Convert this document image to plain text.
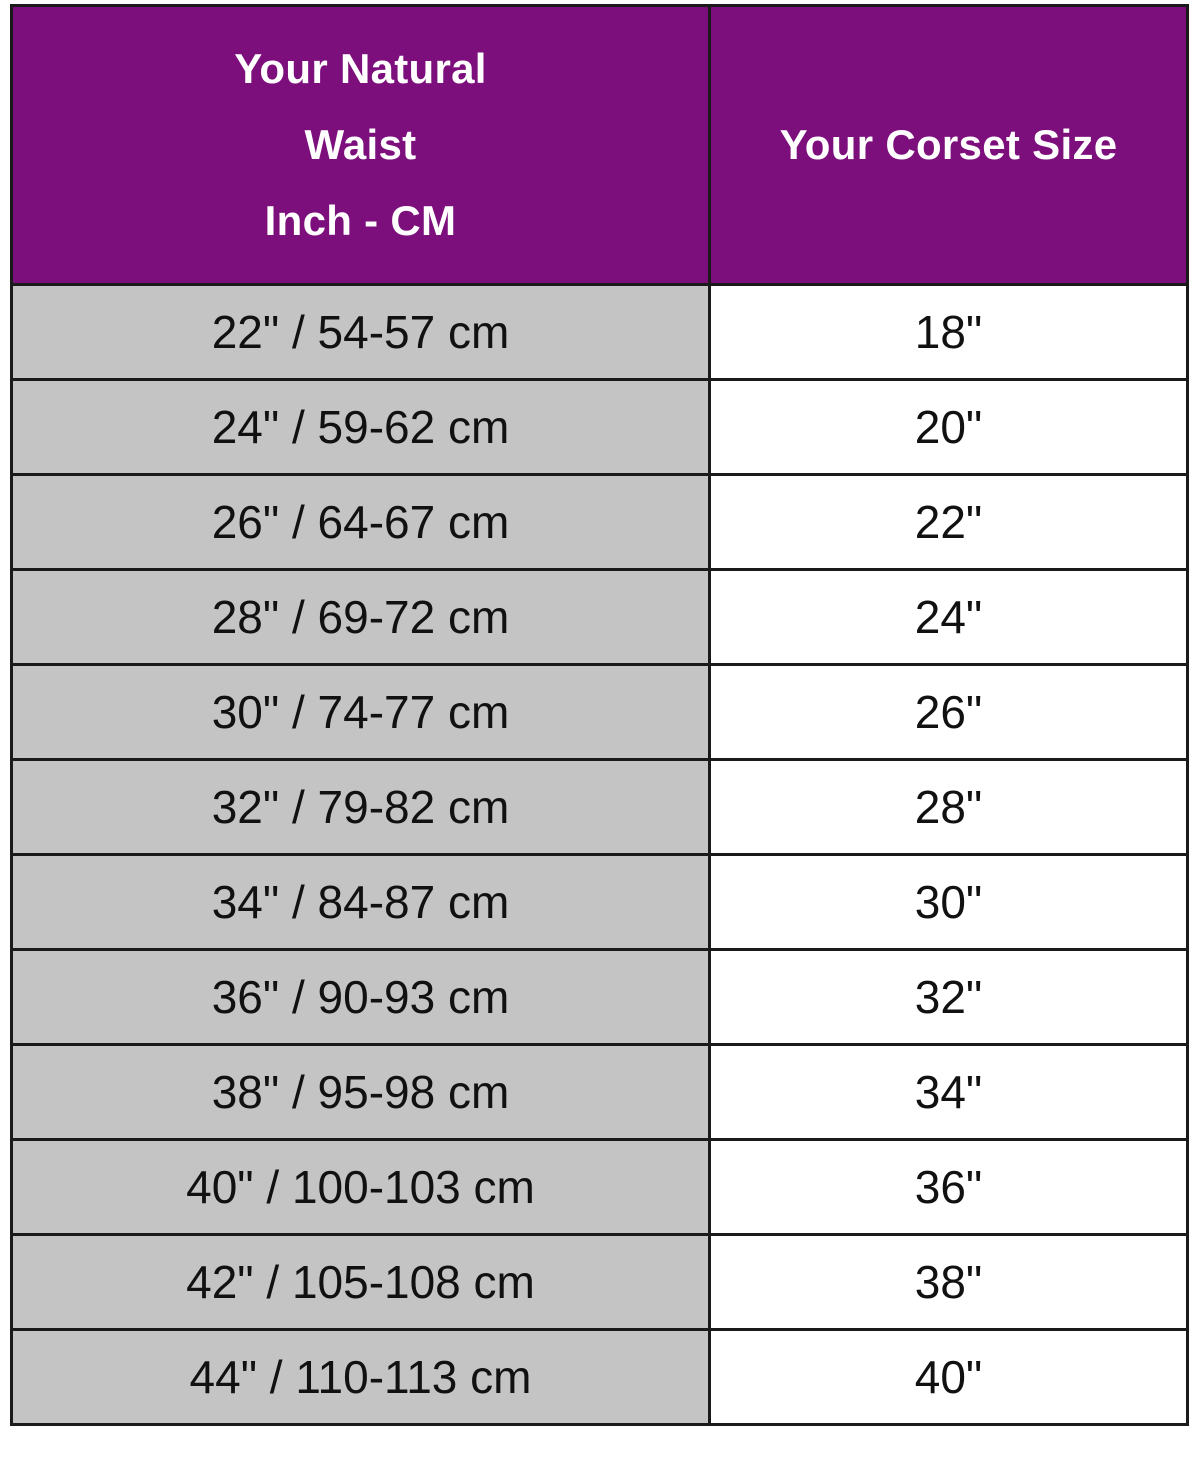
Your Natural
Waist
Inch - CM	Your Corset Size
22" / 54-57 cm	18"
24" / 59-62 cm	20"
26" / 64-67 cm	22"
28" / 69-72 cm	24"
30" / 74-77 cm	26"
32" / 79-82 cm	28"
34" / 84-87 cm	30"
36" / 90-93 cm	32"
38" / 95-98 cm	34"
40" / 100-103 cm	36"
42" / 105-108 cm	38"
44" / 110-113 cm	40"
